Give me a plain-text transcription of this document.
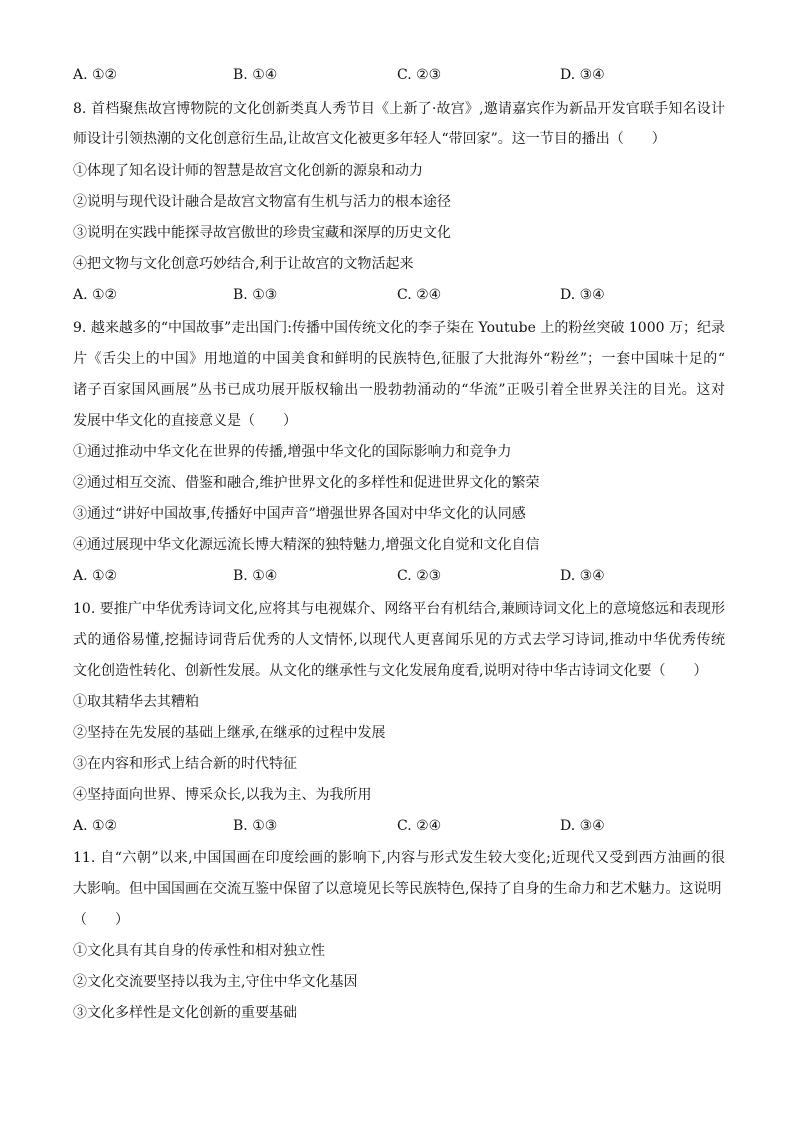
A. ①②	B. ①④	C. ②③	D. ③④
8. 首档聚焦故宫博物院的文化创新类真人秀节目《上新了·故宫》,邀请嘉宾作为新品开发官联手知名设计
师设计引领热潮的文化创意衍生品,让故宫文化被更多年轻人“带回家”。这一节目的播出（　　）
①体现了知名设计师的智慧是故宫文化创新的源泉和动力
②说明与现代设计融合是故宫文物富有生机与活力的根本途径
③说明在实践中能探寻故宫傲世的珍贵宝藏和深厚的历史文化
④把文物与文化创意巧妙结合,利于让故宫的文物活起来
A. ①②	B. ①③	C. ②④	D. ③④
9. 越来越多的“中国故事”走出国门:传播中国传统文化的李子柒在 Youtube 上的粉丝突破 1000 万；纪录
片《舌尖上的中国》用地道的中国美食和鲜明的民族特色,征服了大批海外“粉丝”；一套中国味十足的“
诸子百家国风画展”丛书已成功展开版权输出一股勃勃涌动的“华流”正吸引着全世界关注的目光。这对
发展中华文化的直接意义是（　　）
①通过推动中华文化在世界的传播,增强中华文化的国际影响力和竞争力
②通过相互交流、借鉴和融合,维护世界文化的多样性和促进世界文化的繁荣
③通过“讲好中国故事,传播好中国声音”增强世界各国对中华文化的认同感
④通过展现中华文化源远流长博大精深的独特魅力,增强文化自觉和文化自信
A. ①②	B. ①④	C. ②③	D. ③④
10. 要推广中华优秀诗词文化,应将其与电视媒介、网络平台有机结合,兼顾诗词文化上的意境悠远和表现形
式的通俗易懂,挖掘诗词背后优秀的人文情怀,以现代人更喜闻乐见的方式去学习诗词,推动中华优秀传统
文化创造性转化、创新性发展。从文化的继承性与文化发展角度看,说明对待中华古诗词文化要（　　）
①取其精华去其糟粕
②坚持在先发展的基础上继承,在继承的过程中发展
③在内容和形式上结合新的时代特征
④坚持面向世界、博采众长,以我为主、为我所用
A. ①②	B. ①③	C. ②④	D. ③④
11. 自“六朝”以来,中国国画在印度绘画的影响下,内容与形式发生较大变化;近现代又受到西方油画的很
大影响。但中国国画在交流互鉴中保留了以意境见长等民族特色,保持了自身的生命力和艺术魅力。这说明
（　　）
①文化具有其自身的传承性和相对独立性
②文化交流要坚持以我为主,守住中华文化基因
③文化多样性是文化创新的重要基础
